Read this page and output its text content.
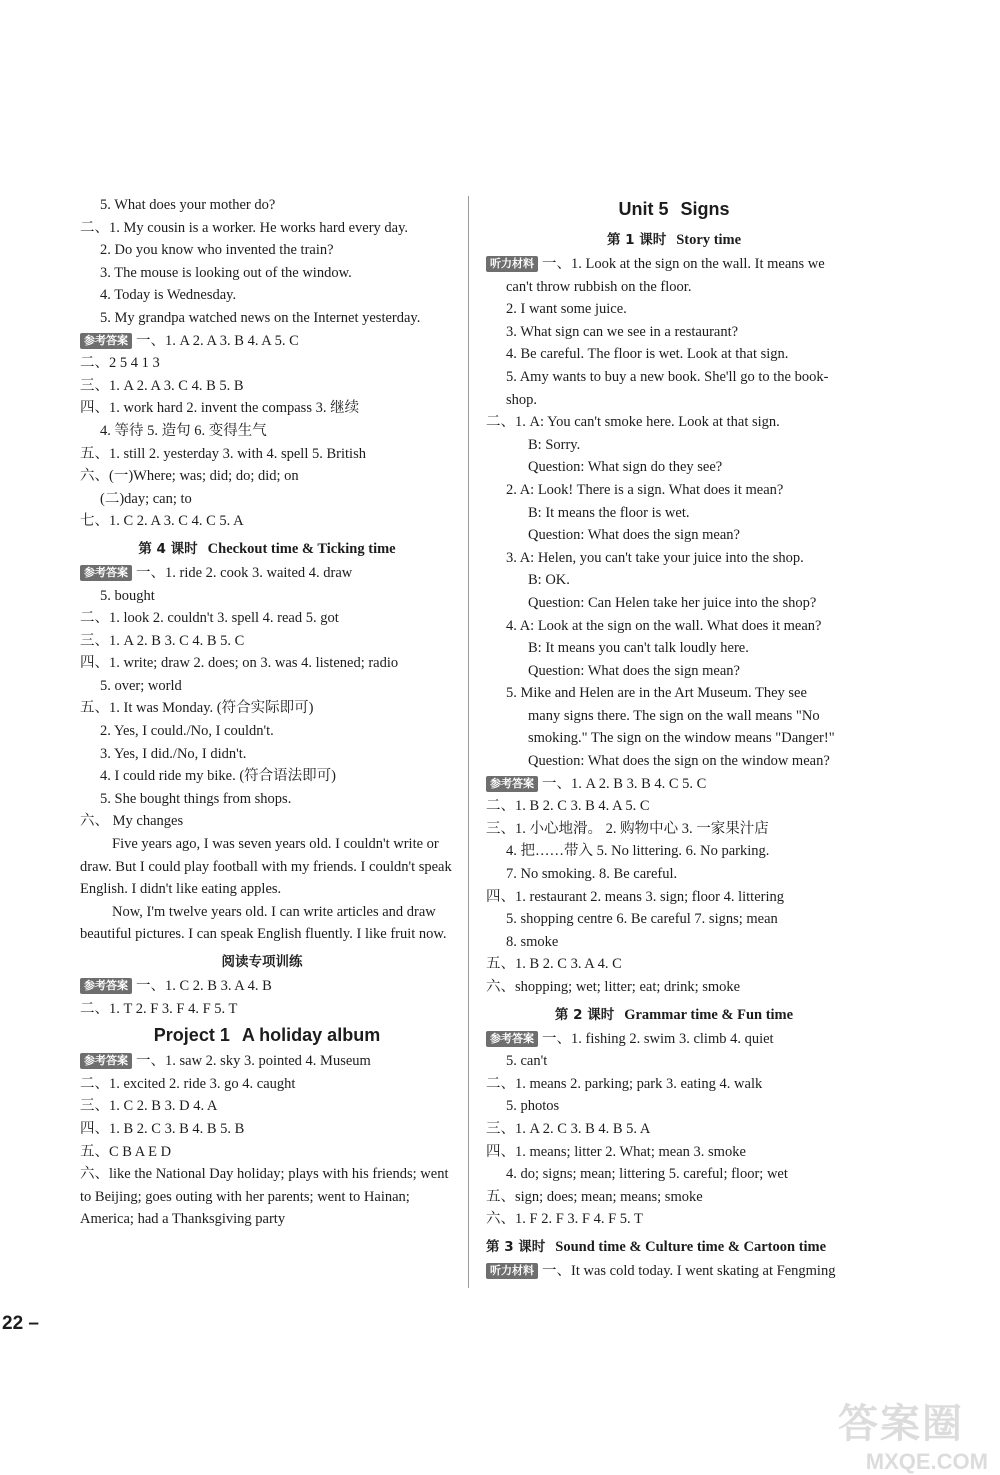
5. What does your mother do?
二、1. My cousin is a worker. He works hard every day.
2. Do you know who invented the train?
3. The mouse is looking out of the window.
4. Today is Wednesday.
5. My grandpa watched news on the Internet yesterday.
参考答案 一、1. A 2. A 3. B 4. A 5. C
二、2 5 4 1 3
三、1. A 2. A 3. C 4. B 5. B
四、1. work hard 2. invent the compass 3. 继续
4. 等待 5. 造句 6. 变得生气
五、1. still 2. yesterday 3. with 4. spell 5. British
六、(一)Where; was; did; do; did; on
(二)day; can; to
七、1. C 2. A 3. C 4. C 5. A
第 4 课时 Checkout time & Ticking time
参考答案 一、1. ride 2. cook 3. waited 4. draw
5. bought
二、1. look 2. couldn't 3. spell 4. read 5. got
三、1. A 2. B 3. C 4. B 5. C
四、1. write; draw 2. does; on 3. was 4. listened; radio
5. over; world
五、1. It was Monday. (符合实际即可)
2. Yes, I could./No, I couldn't.
3. Yes, I did./No, I didn't.
4. I could ride my bike. (符合语法即可)
5. She bought things from shops.
六、 My changes
Five years ago, I was seven years old. I couldn't write or draw. But I could play football with my friends. I couldn't speak English. I didn't like eating apples.
Now, I'm twelve years old. I can write articles and draw beautiful pictures. I can speak English fluently. I like fruit now.
阅读专项训练
参考答案 一、1. C 2. B 3. A 4. B
二、1. T 2. F 3. F 4. F 5. T
Project 1 A holiday album
参考答案 一、1. saw 2. sky 3. pointed 4. Museum
二、1. excited 2. ride 3. go 4. caught
三、1. C 2. B 3. D 4. A
四、1. B 2. C 3. B 4. B 5. B
五、C B A E D
六、like the National Day holiday; plays with his friends; went to Beijing; goes outing with her parents; went to Hainan; America; had a Thanksgiving party
Unit 5 Signs
第 1 课时 Story time
听力材料 一、1. Look at the sign on the wall. It means we
can't throw rubbish on the floor.
2. I want some juice.
3. What sign can we see in a restaurant?
4. Be careful. The floor is wet. Look at that sign.
5. Amy wants to buy a new book. She'll go to the book-
shop.
二、1. A: You can't smoke here. Look at that sign.
B: Sorry.
Question: What sign do they see?
2. A: Look! There is a sign. What does it mean?
B: It means the floor is wet.
Question: What does the sign mean?
3. A: Helen, you can't take your juice into the shop.
B: OK.
Question: Can Helen take her juice into the shop?
4. A: Look at the sign on the wall. What does it mean?
B: It means you can't talk loudly here.
Question: What does the sign mean?
5. Mike and Helen are in the Art Museum. They see
many signs there. The sign on the wall means "No
smoking." The sign on the window means "Danger!"
Question: What does the sign on the window mean?
参考答案 一、1. A 2. B 3. B 4. C 5. C
二、1. B 2. C 3. B 4. A 5. C
三、1. 小心地滑。 2. 购物中心 3. 一家果汁店
4. 把……带入 5. No littering. 6. No parking.
7. No smoking. 8. Be careful.
四、1. restaurant 2. means 3. sign; floor 4. littering
5. shopping centre 6. Be careful 7. signs; mean
8. smoke
五、1. B 2. C 3. A 4. C
六、shopping; wet; litter; eat; drink; smoke
第 2 课时 Grammar time & Fun time
参考答案 一、1. fishing 2. swim 3. climb 4. quiet
5. can't
二、1. means 2. parking; park 3. eating 4. walk
5. photos
三、1. A 2. C 3. B 4. B 5. A
四、1. means; litter 2. What; mean 3. smoke
4. do; signs; mean; littering 5. careful; floor; wet
五、sign; does; mean; means; smoke
六、1. F 2. F 3. F 4. F 5. T
第 3 课时 Sound time & Culture time & Cartoon time
听力材料 一、It was cold today. I went skating at Fengming
22 –
答案圈
MXQE.COM
